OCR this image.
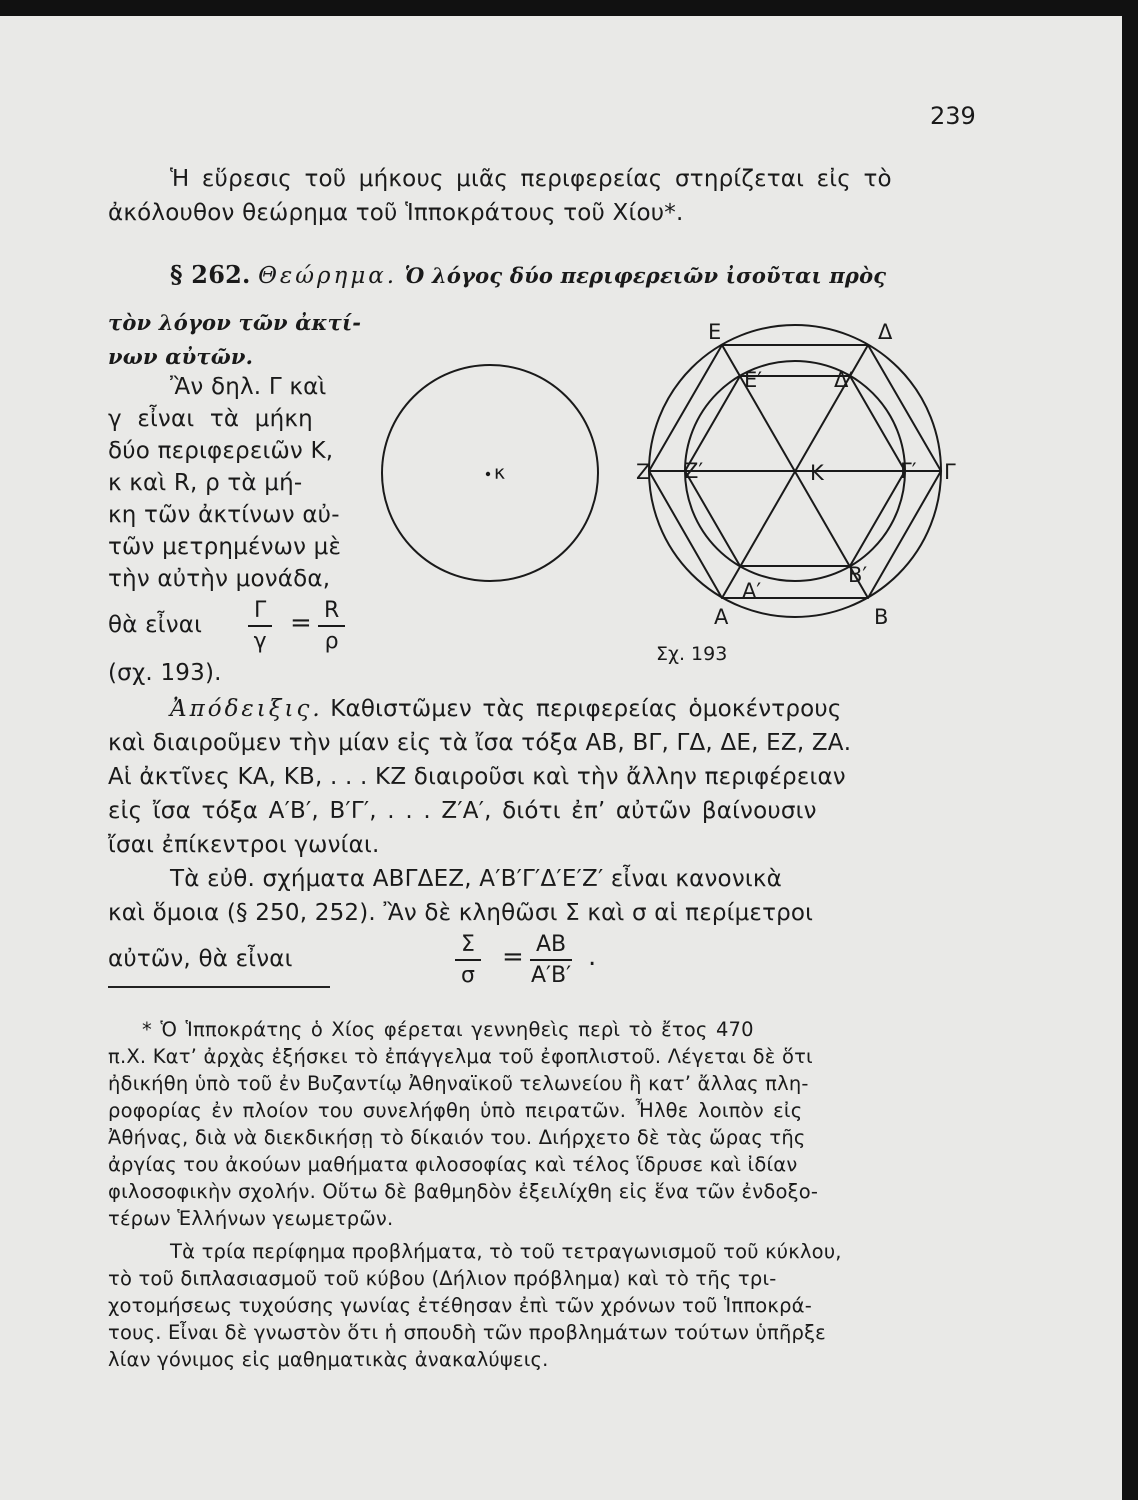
239
Ἡ εὕρεσις τοῦ μήκους μιᾶς περιφερείας στηρίζεται εἰς τὸ
ἀκόλουθον θεώρημα τοῦ Ἱπποκράτους τοῦ Χίου*.
§ 262. Θεώρημα. Ὁ λόγος δύο περιφερειῶν ἰσοῦται πρὸς
τὸν λόγον τῶν ἀκτί-
νων αὐτῶν.
Ἂν δηλ. Γ καὶ
γ εἶναι τὰ μήκη
δύο περιφερειῶν Κ,
κ καὶ R, ρ τὰ μή-
κη τῶν ἀκτίνων αὐ-
τῶν μετρημένων μὲ
τὴν αὐτὴν μονάδα,
θὰ εἶναι $\frac{\Gamma}{\gamma} = \frac{R}{\rho}$
(σχ. 193).
κ
E	Δ
Z	Γ
A	B
E′	Δ′
Z′	Γ′
A′
B′
K
Σχ. 193
Ἀπόδειξις. Καθιστῶμεν τὰς περιφερείας ὁμοκέντρους
καὶ διαιροῦμεν τὴν μίαν εἰς τὰ ἴσα τόξα AB, BΓ, ΓΔ, ΔΕ, ΕΖ, ΖΑ.
Αἱ ἀκτῖνες ΚΑ, ΚΒ, . . . ΚΖ διαιροῦσι καὶ τὴν ἄλλην περιφέρειαν
εἰς ἴσα τόξα Α′Β′, Β′Γ′, . . . Ζ′Α′, διότι ἐπ’ αὐτῶν βαίνουσιν
ἴσαι ἐπίκεντροι γωνίαι.
Τὰ εὐθ. σχήματα ΑΒΓΔΕΖ, Α′Β′Γ′Δ′Ε′Ζ′ εἶναι κανονικὰ
καὶ ὅμοια (§ 250, 252). Ἂν δὲ κληθῶσι Σ καὶ σ αἱ περίμετροι
αὐτῶν, θὰ εἶναι	$\frac{\Sigma}{\sigma} = \frac{AB}{A'B'}$ .
* Ὁ Ἱπποκράτης ὁ Χίος φέρεται γεννηθεὶς περὶ τὸ ἔτος 470
π.Χ. Κατ’ ἀρχὰς ἐξήσκει τὸ ἐπάγγελμα τοῦ ἐφοπλιστοῦ. Λέγεται δὲ ὅτι
ἠδικήθη ὑπὸ τοῦ ἐν Βυζαντίῳ Ἀθηναϊκοῦ τελωνείου ἢ κατ’ ἄλλας πλη-
ροφορίας ἐν πλοίον του συνελήφθη ὑπὸ πειρατῶν. Ἦλθε λοιπὸν εἰς
Ἀθήνας, διὰ νὰ διεκδικήσῃ τὸ δίκαιόν του. Διήρχετο δὲ τὰς ὥρας τῆς
ἀργίας του ἀκούων μαθήματα φιλοσοφίας καὶ τέλος ἵδρυσε καὶ ἰδίαν
φιλοσοφικὴν σχολήν. Οὕτω δὲ βαθμηδὸν ἐξειλίχθη εἰς ἕνα τῶν ἐνδοξο-
τέρων Ἑλλήνων γεωμετρῶν.
Τὰ τρία περίφημα προβλήματα, τὸ τοῦ τετραγωνισμοῦ τοῦ κύκλου,
τὸ τοῦ διπλασιασμοῦ τοῦ κύβου (Δήλιον πρόβλημα) καὶ τὸ τῆς τρι-
χοτομήσεως τυχούσης γωνίας ἐτέθησαν ἐπὶ τῶν χρόνων τοῦ Ἱπποκρά-
τους. Εἶναι δὲ γνωστὸν ὅτι ἡ σπουδὴ τῶν προβλημάτων τούτων ὑπῆρξε
λίαν γόνιμος εἰς μαθηματικὰς ἀνακαλύψεις.
